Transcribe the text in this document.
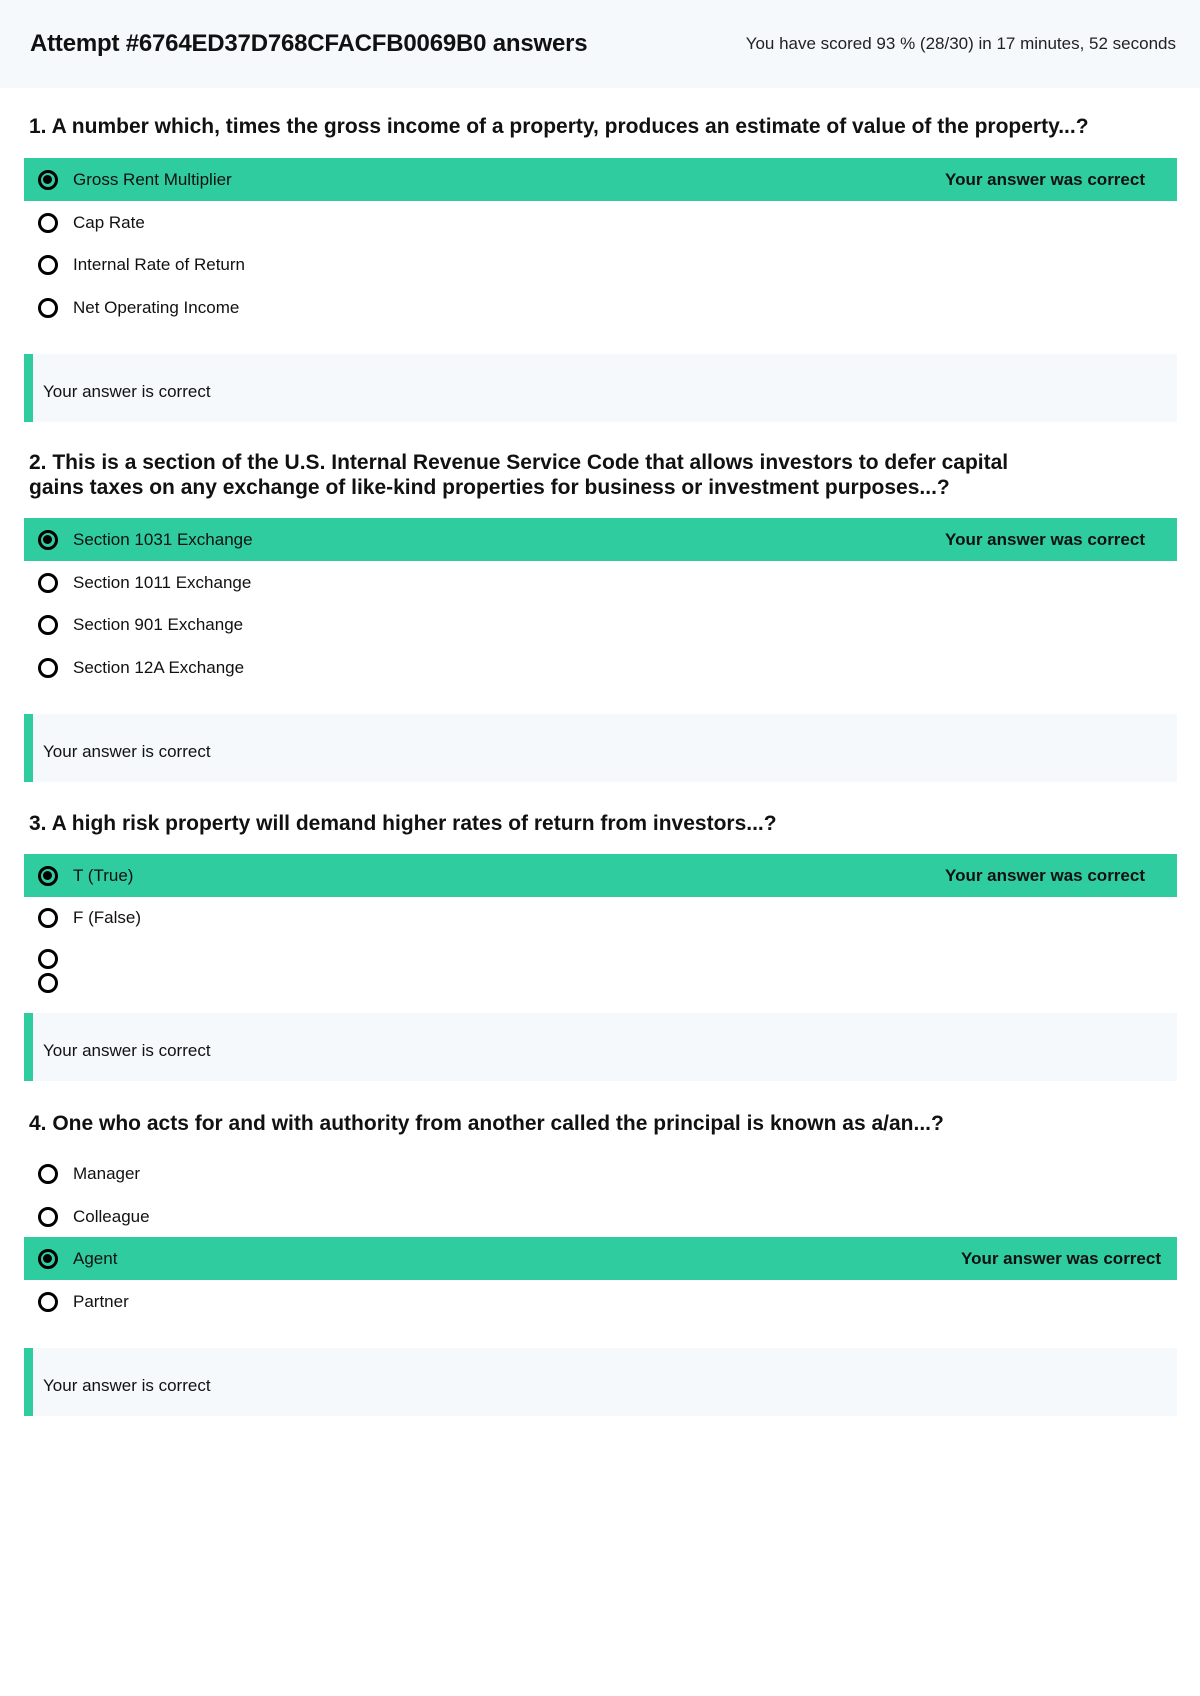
Attempt #6764ED37D768CFACFB0069B0 answers	You have scored 93 % (28/30) in 17 minutes, 52 seconds
1. A number which, times the gross income of a property, produces an estimate of value of the property...?
Gross Rent Multiplier	Your answer was correct
Cap Rate
Internal Rate of Return
Net Operating Income
Your answer is correct
2. This is a section of the U.S. Internal Revenue Service Code that allows investors to defer capital gains taxes on any exchange of like-kind properties for business or investment purposes...?
Section 1031 Exchange	Your answer was correct
Section 1011 Exchange
Section 901 Exchange
Section 12A Exchange
Your answer is correct
3. A high risk property will demand higher rates of return from investors...?
T (True)	Your answer was correct
F (False)
Your answer is correct
4. One who acts for and with authority from another called the principal is known as a/an...?
Manager
Colleague
Agent	Your answer was correct
Partner
Your answer is correct
